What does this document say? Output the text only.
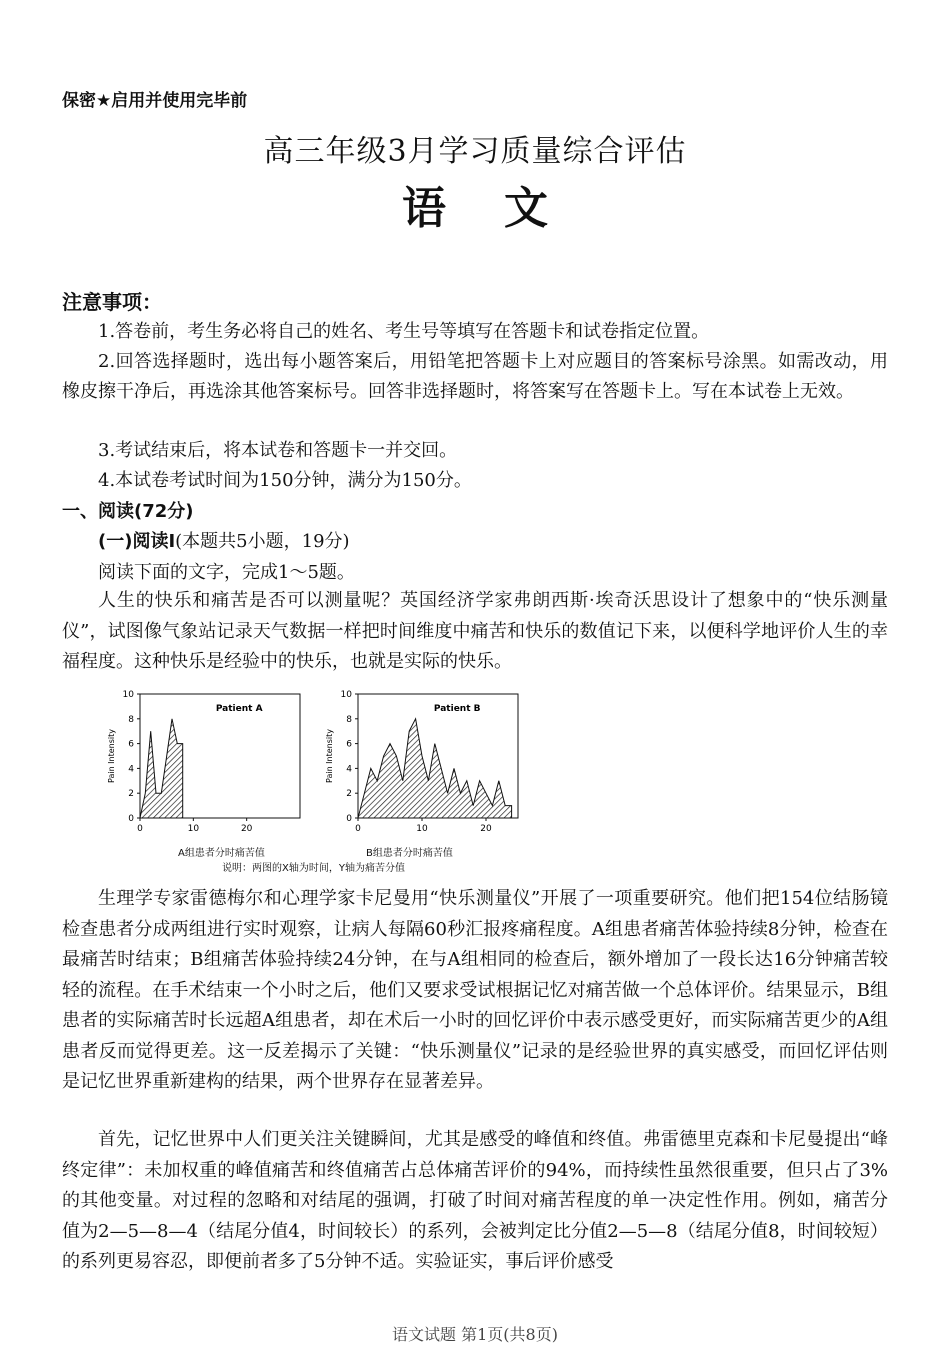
保密★启用并使用完毕前
高三年级3月学习质量综合评估
语文
注意事项：
1.答卷前，考生务必将自己的姓名、考生号等填写在答题卡和试卷指定位置。
2.回答选择题时，选出每小题答案后，用铅笔把答题卡上对应题目的答案标号涂黑。如需改动，用橡皮擦干净后，再选涂其他答案标号。回答非选择题时，将答案写在答题卡上。写在本试卷上无效。
3.考试结束后，将本试卷和答题卡一并交回。
4.本试卷考试时间为150分钟，满分为150分。
一、阅读(72分)
(一)阅读Ⅰ(本题共5小题，19分)
阅读下面的文字，完成1～5题。
人生的快乐和痛苦是否可以测量呢？英国经济学家弗朗西斯·埃奇沃思设计了想象中的“快乐测量仪”，试图像气象站记录天气数据一样把时间维度中痛苦和快乐的数值记下来，以便科学地评价人生的幸福程度。这种快乐是经验中的快乐，也就是实际的快乐。
0
2
4
6
8
10
0	10	20
Patient A
Pain Intensity
0
2
4
6
8
10
0	10	20
Patient B
Pain Intensity
A组患者分时痛苦值	B组患者分时痛苦值
说明：两图的X轴为时间，Y轴为痛苦分值
生理学专家雷德梅尔和心理学家卡尼曼用“快乐测量仪”开展了一项重要研究。他们把154位结肠镜检查患者分成两组进行实时观察，让病人每隔60秒汇报疼痛程度。A组患者痛苦体验持续8分钟，检查在最痛苦时结束；B组痛苦体验持续24分钟，在与A组相同的检查后，额外增加了一段长达16分钟痛苦较轻的流程。在手术结束一个小时之后，他们又要求受试根据记忆对痛苦做一个总体评价。结果显示，B组患者的实际痛苦时长远超A组患者，却在术后一小时的回忆评价中表示感受更好，而实际痛苦更少的A组患者反而觉得更差。这一反差揭示了关键：“快乐测量仪”记录的是经验世界的真实感受，而回忆评估则是记忆世界重新建构的结果，两个世界存在显著差异。
首先，记忆世界中人们更关注关键瞬间，尤其是感受的峰值和终值。弗雷德里克森和卡尼曼提出“峰终定律”：未加权重的峰值痛苦和终值痛苦占总体痛苦评价的94%，而持续性虽然很重要，但只占了3%的其他变量。对过程的忽略和对结尾的强调，打破了时间对痛苦程度的单一决定性作用。例如，痛苦分值为2—5—8—4（结尾分值4，时间较长）的系列，会被判定比分值2—5—8（结尾分值8，时间较短）的系列更易容忍，即便前者多了5分钟不适。实验证实，事后评价感受
语文试题 第1页(共8页)
